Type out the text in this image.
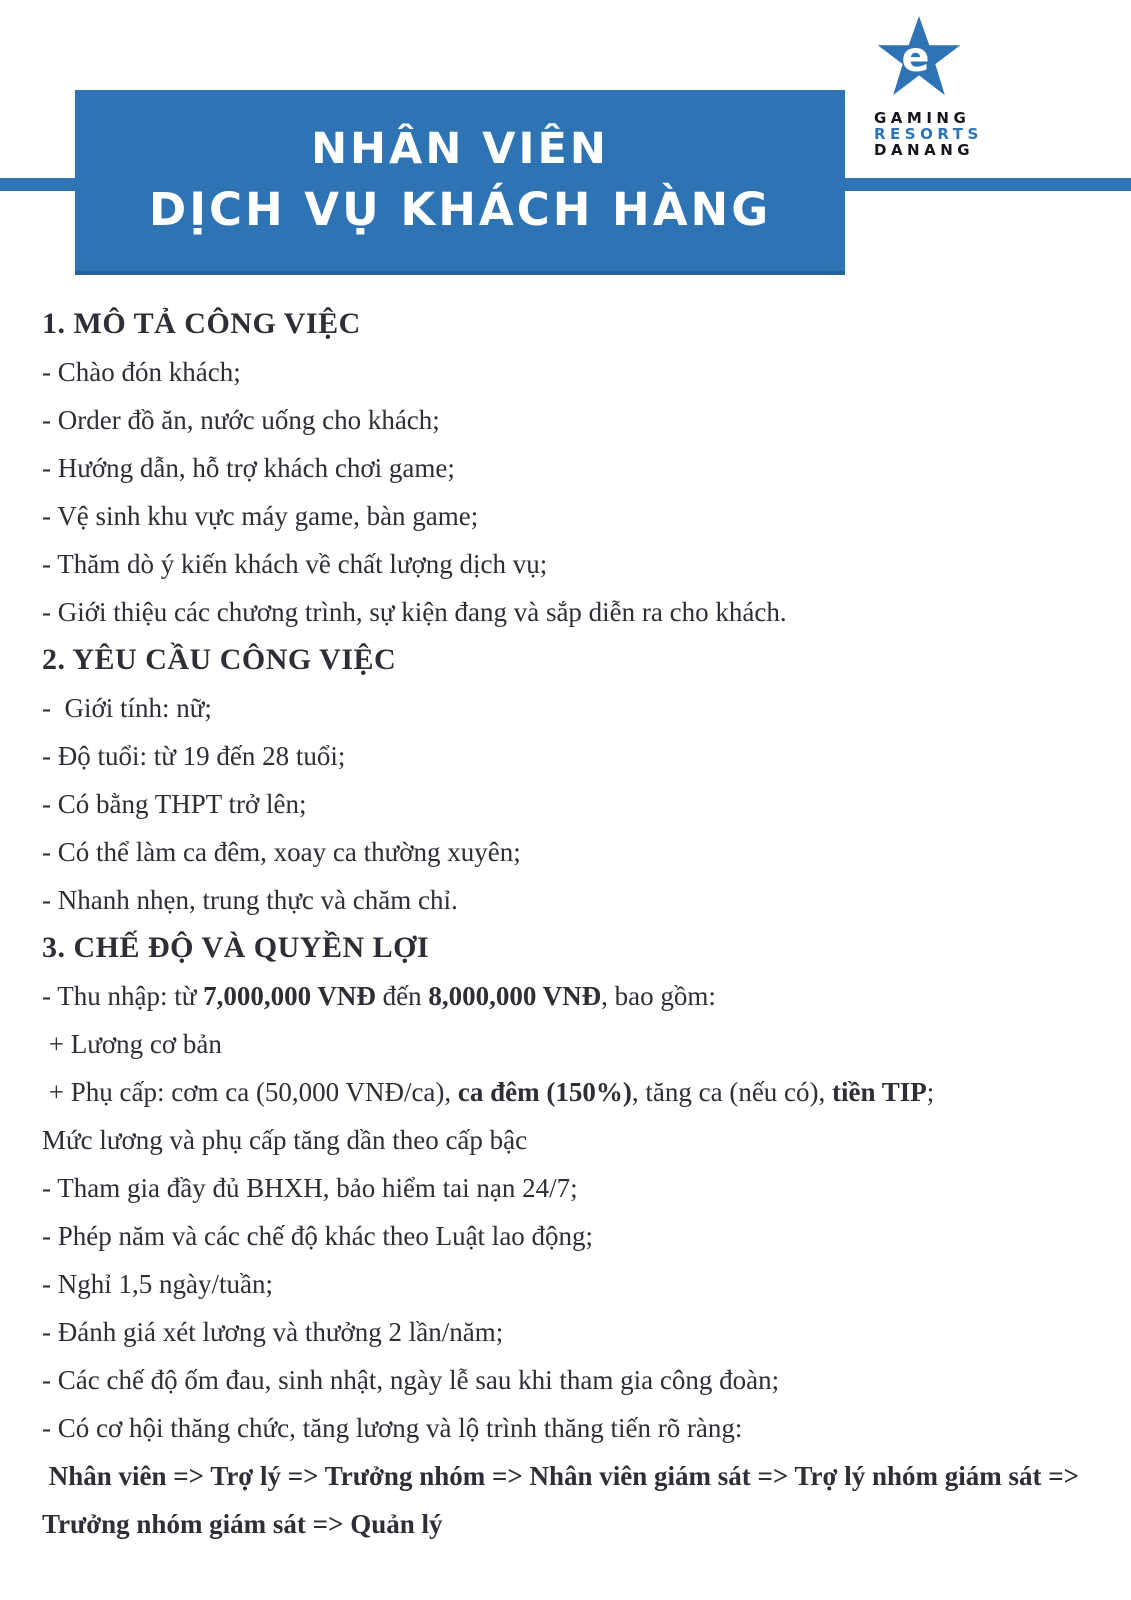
NHÂN VIÊN
DỊCH VỤ KHÁCH HÀNG
e
GAMING
RESORTS
DANANG

1. MÔ TẢ CÔNG VIỆC

- Chào đón khách;

- Order đồ ăn, nước uống cho khách;

- Hướng dẫn, hỗ trợ khách chơi game;

- Vệ sinh khu vực máy game, bàn game;

- Thăm dò ý kiến khách về chất lượng dịch vụ;

- Giới thiệu các chương trình, sự kiện đang và sắp diễn ra cho khách.

2. YÊU CẦU CÔNG VIỆC

-  Giới tính: nữ;

- Độ tuổi: từ 19 đến 28 tuổi;

- Có bằng THPT trở lên;

- Có thể làm ca đêm, xoay ca thường xuyên;

- Nhanh nhẹn, trung thực và chăm chỉ.

3. CHẾ ĐỘ VÀ QUYỀN LỢI

- Thu nhập: từ 7,000,000 VNĐ đến 8,000,000 VNĐ, bao gồm:

+ Lương cơ bản

+ Phụ cấp: cơm ca (50,000 VNĐ/ca), ca đêm (150%), tăng ca (nếu có), tiền TIP;

Mức lương và phụ cấp tăng dần theo cấp bậc

- Tham gia đầy đủ BHXH, bảo hiểm tai nạn 24/7;

- Phép năm và các chế độ khác theo Luật lao động;

- Nghỉ 1,5 ngày/tuần;

- Đánh giá xét lương và thưởng 2 lần/năm;

- Các chế độ ốm đau, sinh nhật, ngày lễ sau khi tham gia công đoàn;

- Có cơ hội thăng chức, tăng lương và lộ trình thăng tiến rõ ràng:

Nhân viên => Trợ lý => Trưởng nhóm => Nhân viên giám sát => Trợ lý nhóm giám sát => Trưởng nhóm giám sát => Quản lý
